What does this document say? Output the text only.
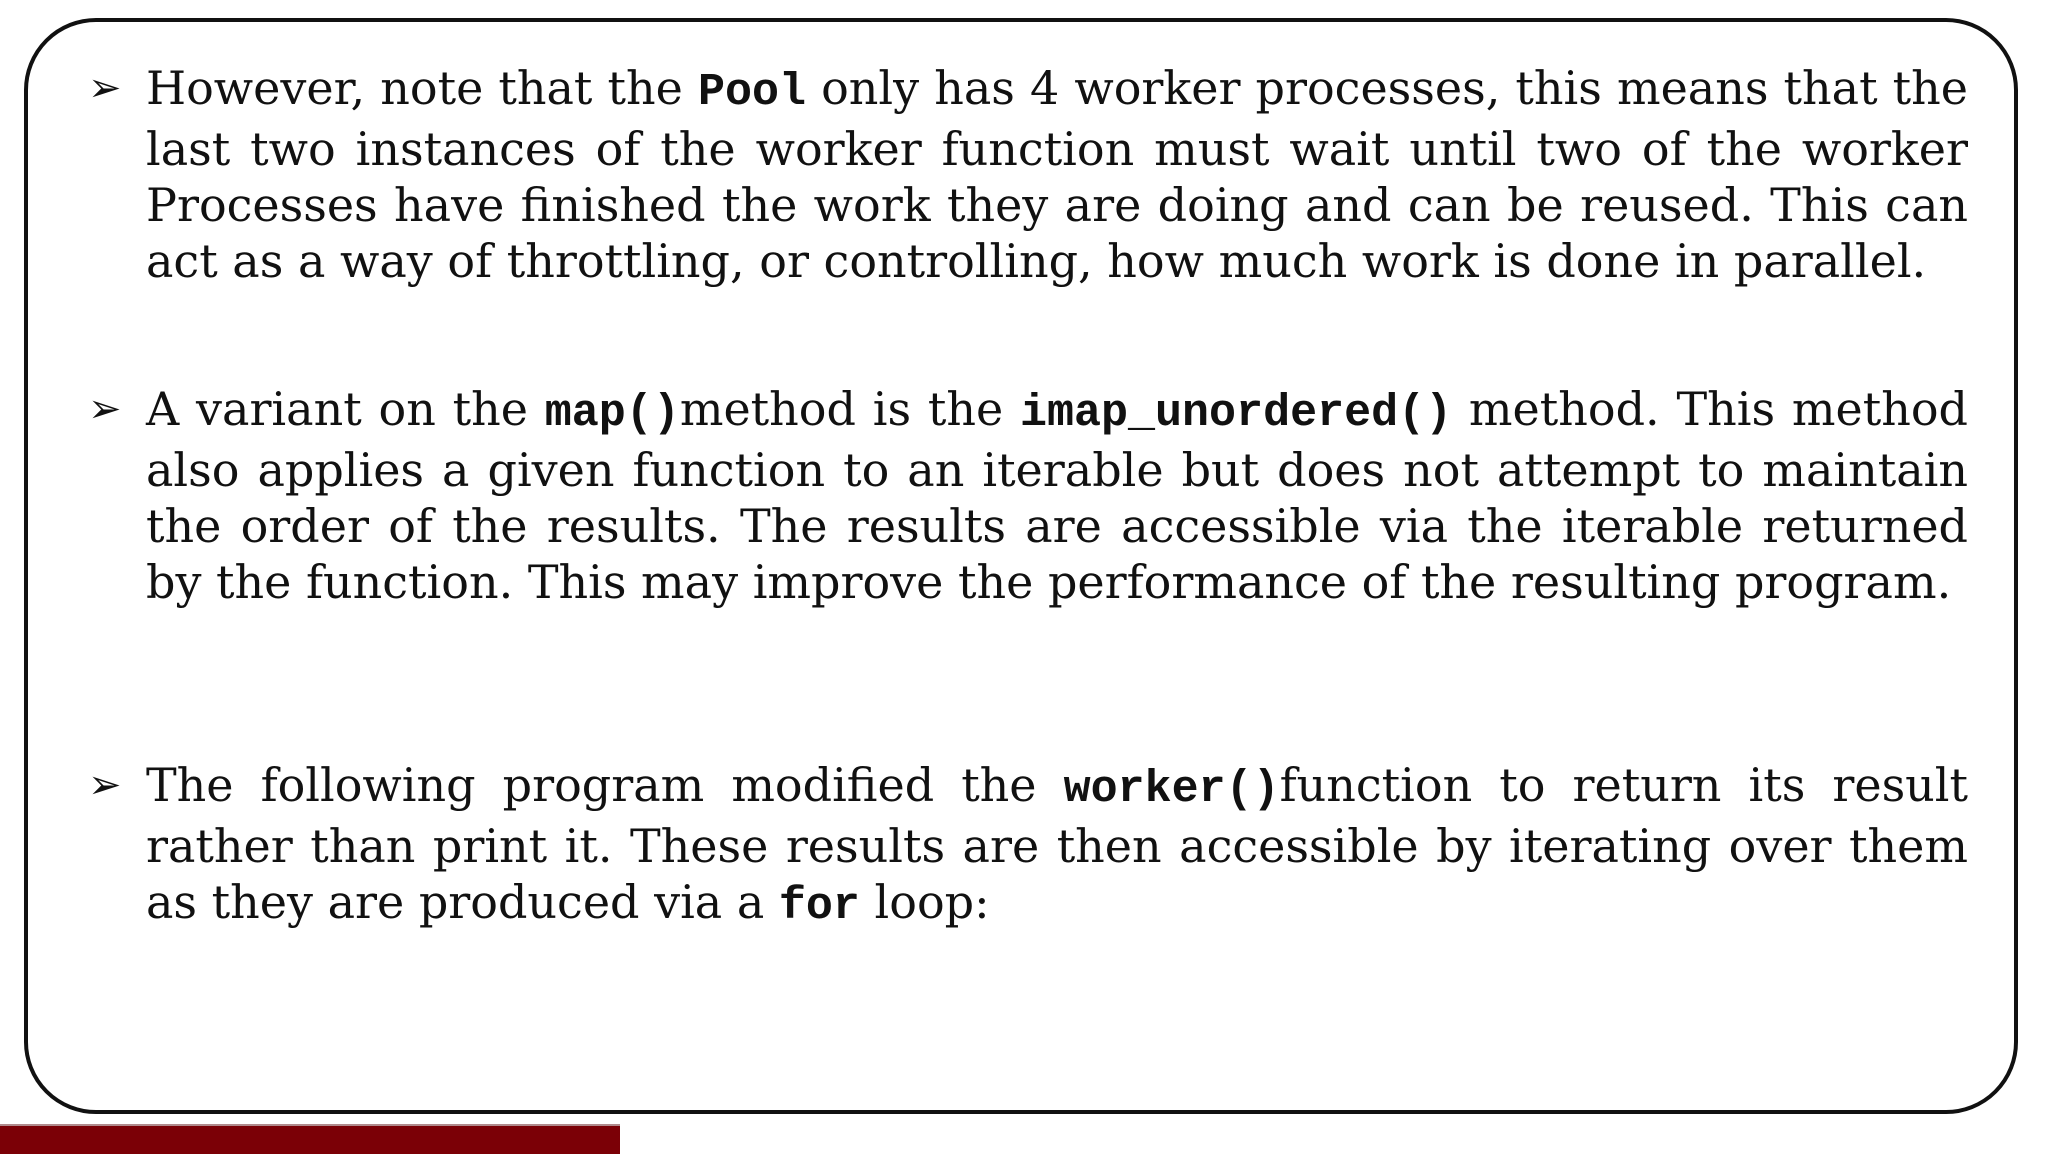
➢ However, note that the Pool only has 4 worker processes, this means that the last two instances of the worker function must wait until two of the worker Processes have finished the work they are doing and can be reused. This can act as a way of throttling, or controlling, how much work is done in parallel.
➢ A variant on the map()method is the imap_unordered() method. This method also applies a given function to an iterable but does not attempt to maintain the order of the results. The results are accessible via the iterable returned by the function. This may improve the performance of the resulting program.
➢ The following program modified the worker()function to return its result rather than print it. These results are then accessible by iterating over them as they are produced via a for loop:
